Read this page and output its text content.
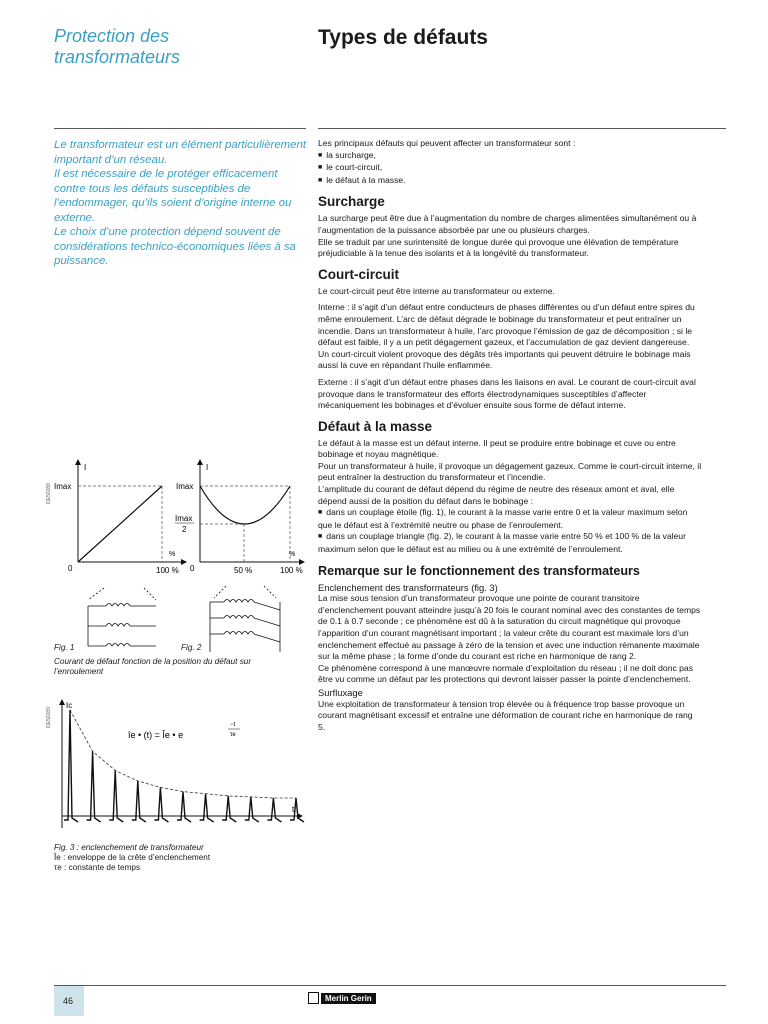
Protection des transformateurs
Types de défauts

Le transformateur est un élément particulièrement important d’un réseau.

Il est nécessaire de le protéger efficacement contre tous les défauts susceptibles de l’endommager, qu’ils soient d’origine interne ou externe.

Le choix d’une protection dépend souvent de considérations technico-économiques liées à sa puissance.

Les principaux défauts qui peuvent affecter un transformateur sont :

■ la surcharge,

■ le court-circuit,

■ le défaut à la masse.

Surcharge

La surcharge peut être due à l’augmentation du nombre de charges alimentées simultanément ou à l’augmentation de la puissance absorbée par une ou plusieurs charges.

Elle se traduit par une surintensité de longue durée qui provoque une élévation de température préjudiciable à la tenue des isolants et à la longévité du transformateur.

Court-circuit

Le court-circuit peut être interne au transformateur ou externe.

Interne : il s’agit d’un défaut entre conducteurs de phases différentes ou d’un défaut entre spires du même enroulement. L’arc de défaut dégrade le bobinage du transformateur et peut entraîner un incendie. Dans un transformateur à huile, l’arc provoque l’émission de gaz de décomposition ; si le défaut est faible, il y a un petit dégagement gazeux, et l’accumulation de gaz devient dangereuse.

Un court-circuit violent provoque des dégâts très importants qui peuvent détruire le bobinage mais aussi la cuve en répandant l’huile enflammée.

Externe : il s’agit d’un défaut entre phases dans les liaisons en aval. Le courant de court-circuit aval provoque dans le transformateur des efforts électrodynamiques susceptibles d’affecter mécaniquement les bobinages et d’évoluer ensuite sous forme de défaut interne.

Défaut à la masse

Le défaut à la masse est un défaut interne. Il peut se produire entre bobinage et cuve ou entre bobinage et noyau magnétique.

Pour un transformateur à huile, il provoque un dégagement gazeux. Comme le court-circuit interne, il peut entraîner la destruction du transformateur et l’incendie.

L’amplitude du courant de défaut dépend du régime de neutre des réseaux amont et aval, elle dépend aussi de la position du défaut dans le bobinage :

■ dans un couplage étoile (fig. 1), le courant à la masse varie entre 0 et la valeur maximum selon que le défaut est à l’extrémité neutre ou phase de l’enroulement.

■ dans un couplage triangle (fig. 2), le courant à la masse varie entre 50 % et 100 % de la valeur maximum selon que le défaut est au milieu ou à une extrémité de l’enroulement.

Remarque sur le fonctionnement des transformateurs

Enclenchement des transformateurs (fig. 3)

La mise sous tension d’un transformateur provoque une pointe de courant transitoire d’enclenchement pouvant atteindre jusqu’à 20 fois le courant nominal avec des constantes de temps de 0.1 à 0.7 seconde ; ce phénomène est dû à la saturation du circuit magnétique qui provoque l’apparition d’un courant magnétisant important ; la valeur crête du courant est maximale lors d’un enclenchement effectué au passage à zéro de la tension et avec une induction rémanente maximale sur la même phase ; la forme d’onde du courant est riche en harmonique de rang 2.

Ce phénomène correspond à une manœuvre normale d’exploitation du réseau ; il ne doit donc pas être vu comme un défaut par les protections qui devront laisser passer la pointe d’enclenchement.

Surfluxage

Une exploitation de transformateur à tension trop élevée ou à fréquence trop basse provoque un courant magnétisant excessif et entraîne une déformation de courant riche en harmonique de rang 5.

DE50288
I
Imax
0
%
100 %
I
Imax
Imax
2
0	50 %
%
100 %
Fig. 1	Fig. 2
Courant de défaut fonction de la position du défaut sur l’enroulement
DE50289
Ic
t
îe • (t) = Îe • e
−t
τe
Fig. 3 : enclenchement de transformateur
Îe : enveloppe de la crête d’enclenchement
τe : constante de temps
46	Merlin Gerin
